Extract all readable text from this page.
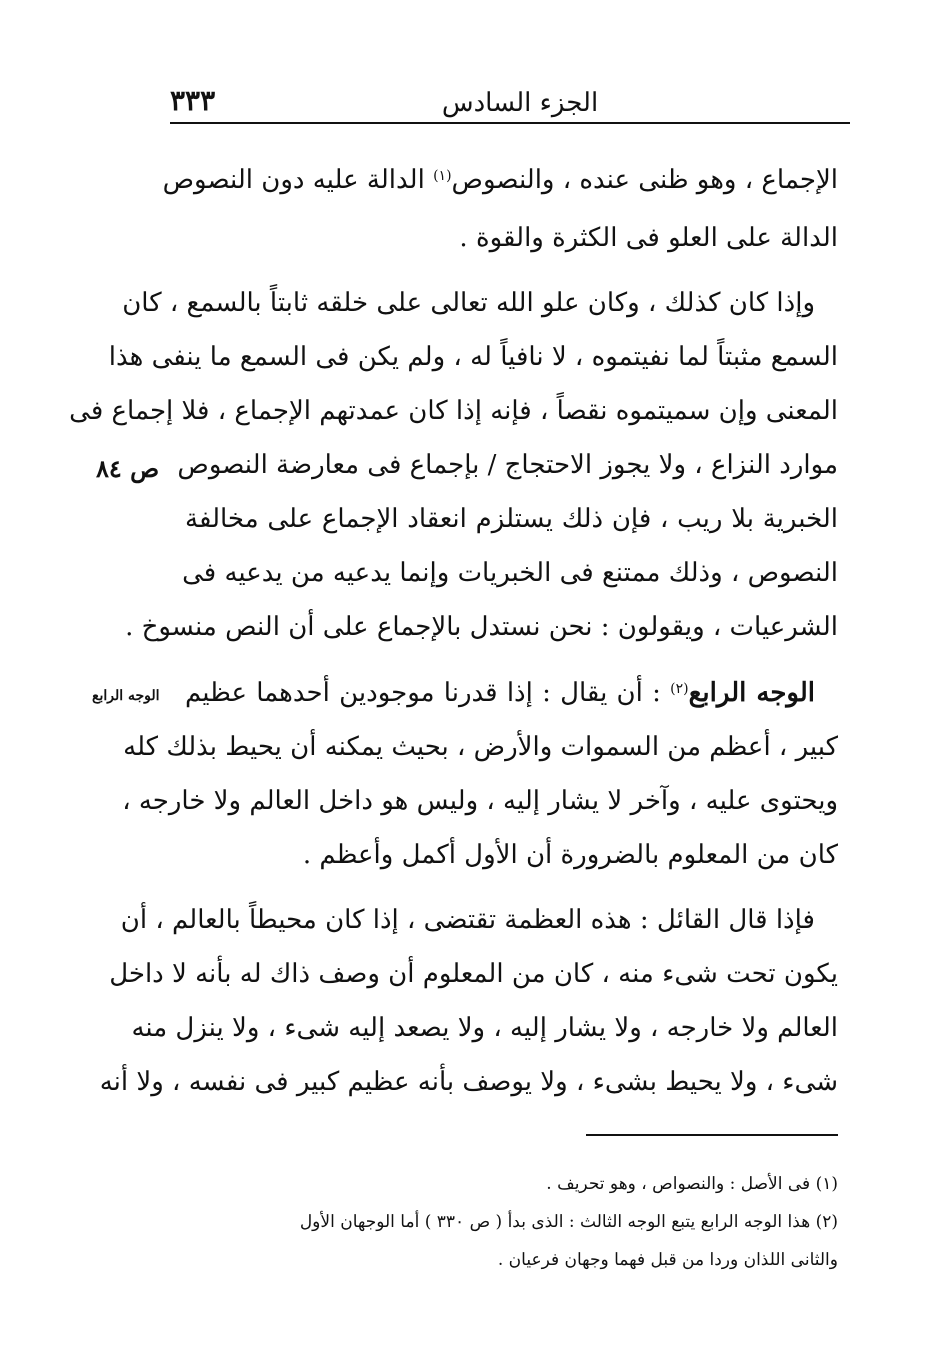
الجزء السادس
٣٣٣
الإجماع ، وهو ظنى عنده ، والنصوص$^{(١)}$ الدالة عليه دون النصوص
الدالة على العلو فى الكثرة والقوة .
وإذا كان كذلك ، وكان علو الله تعالى على خلقه ثابتاً بالسمع ، كان
السمع مثبتاً لما نفيتموه ، لا نافياً له ، ولم يكن فى السمع ما ينفى هذا
المعنى وإن سميتموه نقصاً ، فإنه إذا كان عمدتهم الإجماع ، فلا إجماع فى
موارد النزاع ، ولا يجوز الاحتجاج / بإجماع فى معارضة النصوص
الخبرية بلا ريب ، فإن ذلك يستلزم انعقاد الإجماع على مخالفة
النصوص ، وذلك ممتنع فى الخبريات وإنما يدعيه من يدعيه فى
الشرعيات ، ويقولون : نحن نستدل بالإجماع على أن النص منسوخ .
الوجه الرابع$^{(٢)}$ : أن يقال : إذا قدرنا موجودين أحدهما عظيم
كبير ، أعظم من السموات والأرض ، بحيث يمكنه أن يحيط بذلك كله
ويحتوى عليه ، وآخر لا يشار إليه ، وليس هو داخل العالم ولا خارجه ،
كان من المعلوم بالضرورة أن الأول أكمل وأعظم .
فإذا قال القائل : هذه العظمة تقتضى ، إذا كان محيطاً بالعالم ، أن
يكون تحت شىء منه ، كان من المعلوم أن وصف ذاك له بأنه لا داخل
العالم ولا خارجه ، ولا يشار إليه ، ولا يصعد إليه شىء ، ولا ينزل منه
شىء ، ولا يحيط بشىء ، ولا يوصف بأنه عظيم كبير فى نفسه ، ولا أنه
ص ٨٤
الوجه الرابع
(١) فى الأصل : والنصواص ، وهو تحريف .
(٢) هذا الوجه الرابع يتبع الوجه الثالث : الذى بدأ ( ص ٣٣٠ ) أما الوجهان الأول
والثانى اللذان وردا من قبل فهما وجهان فرعيان .
